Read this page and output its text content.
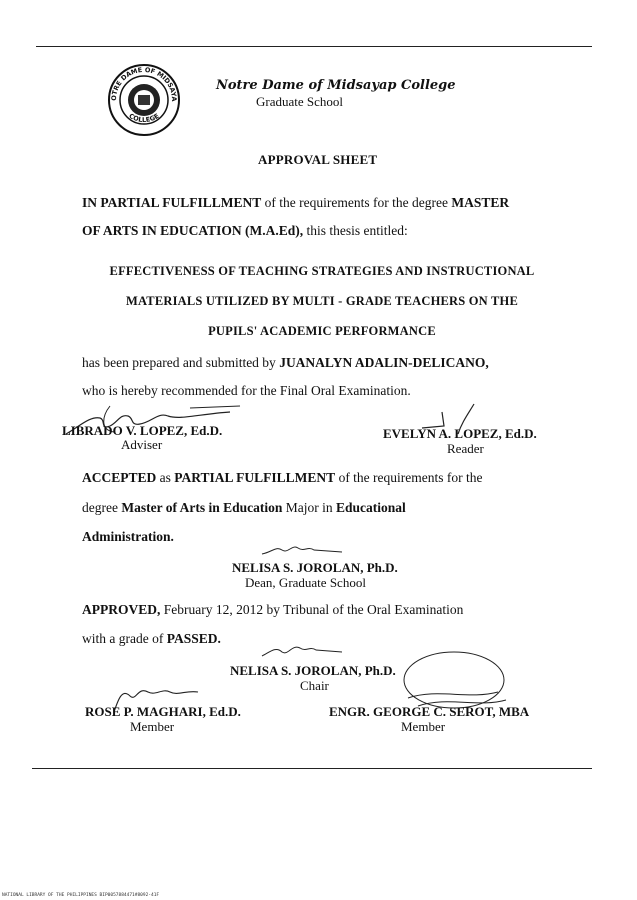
OTRE DAME OF MIDSAYA
COLLEGE
Notre Dame of Midsayap College
Graduate School
APPROVAL SHEET
IN PARTIAL FULFILLMENT of the requirements for the degree MASTER
OF ARTS IN EDUCATION (M.A.Ed), this thesis entitled:
EFFECTIVENESS OF TEACHING STRATEGIES AND INSTRUCTIONAL
MATERIALS UTILIZED BY MULTI - GRADE TEACHERS ON THE
PUPILS' ACADEMIC PERFORMANCE
has been prepared and submitted by JUANALYN ADALIN-DELICANO,
who is hereby recommended for the Final Oral Examination.
LIBRADO V. LOPEZ, Ed.D.
Adviser
EVELYN A. LOPEZ, Ed.D.
Reader
ACCEPTED as PARTIAL FULFILLMENT of the requirements for the
degree Master of Arts in Education Major in Educational
Administration.
NELISA S. JOROLAN, Ph.D.
Dean, Graduate School
APPROVED, February 12, 2012 by Tribunal of the Oral Examination
with a grade of PASSED.
NELISA S. JOROLAN, Ph.D.
Chair
ROSE P. MAGHARI, Ed.D.
Member
ENGR. GEORGE C. SEROT, MBA
Member
NATIONAL LIBRARY OF THE PHILIPPINES BIP0057884471#8092-41F
